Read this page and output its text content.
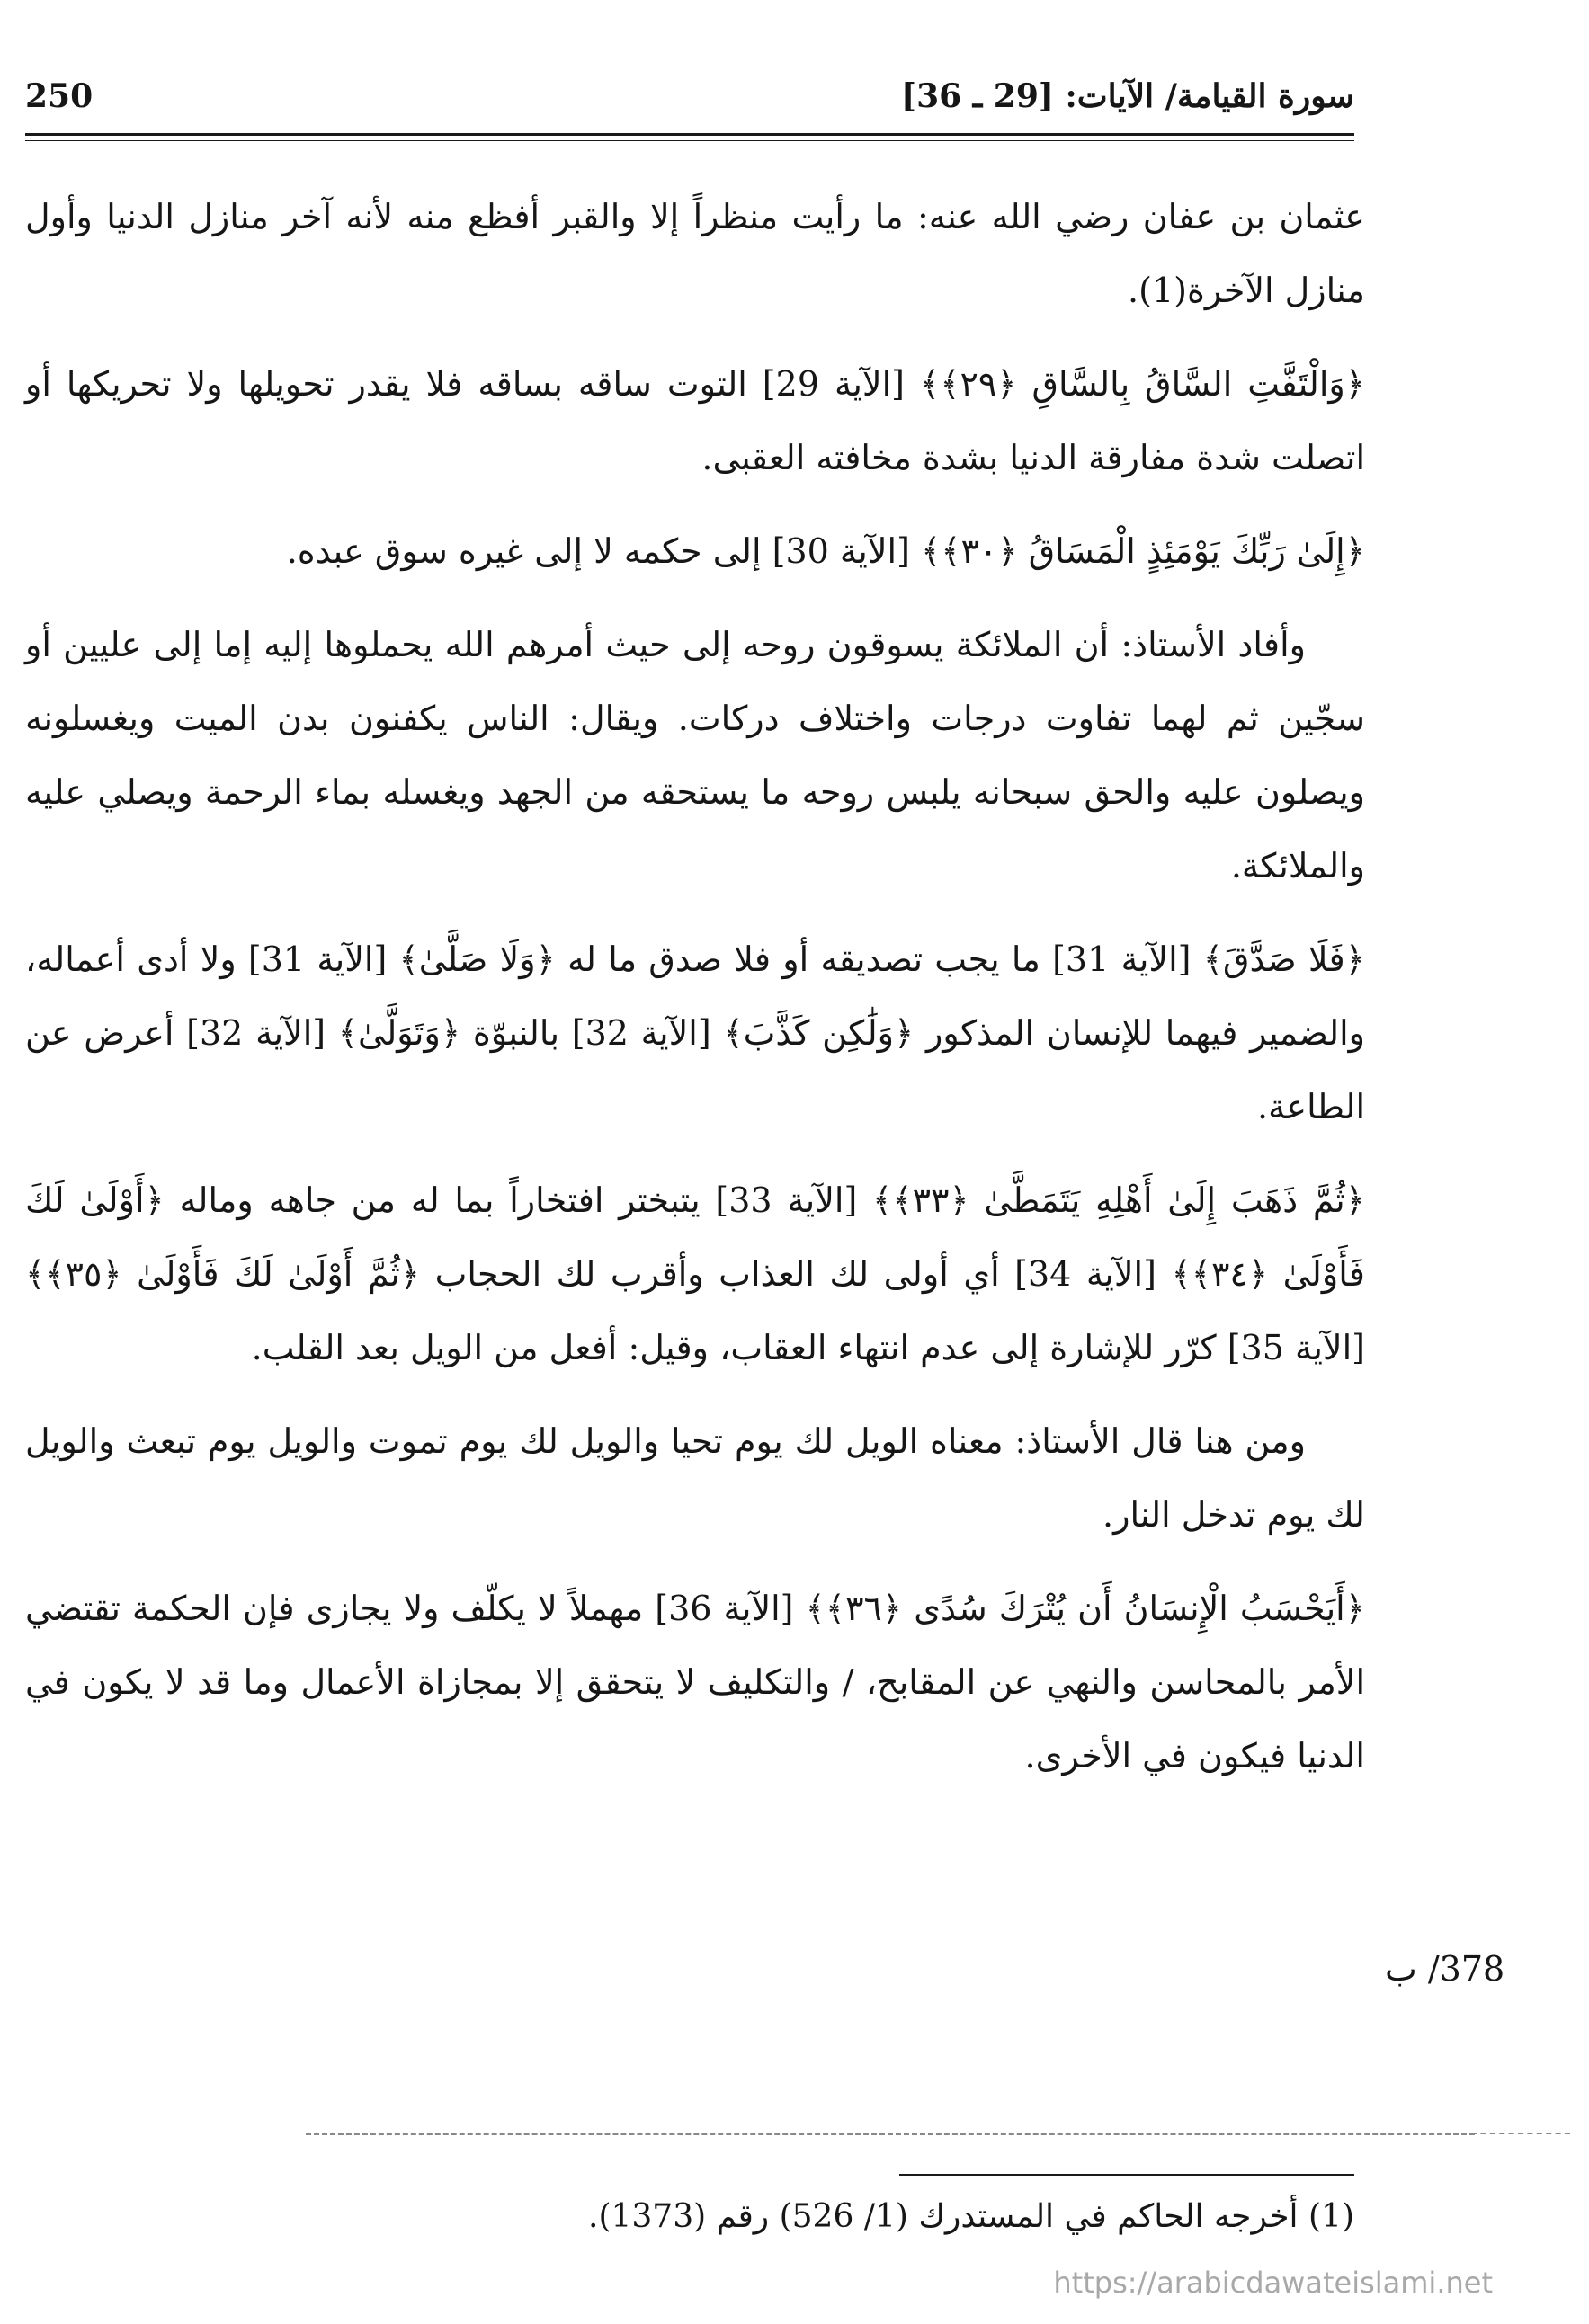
سورة القيامة/ الآيات: [29 ـ 36]
250

عثمان بن عفان رضي الله عنه: ما رأيت منظراً إلا والقبر أفظع منه لأنه آخر منازل الدنيا وأول منازل الآخرة(1).

﴿وَالْتَفَّتِ السَّاقُ بِالسَّاقِ ﴿٢٩﴾﴾ [الآية 29] التوت ساقه بساقه فلا يقدر تحويلها ولا تحريكها أو اتصلت شدة مفارقة الدنيا بشدة مخافته العقبى.

﴿إِلَىٰ رَبِّكَ يَوْمَئِذٍ الْمَسَاقُ ﴿٣٠﴾﴾ [الآية 30] إلى حكمه لا إلى غيره سوق عبده.

وأفاد الأستاذ: أن الملائكة يسوقون روحه إلى حيث أمرهم الله يحملوها إليه إما إلى عليين أو سجّين ثم لهما تفاوت درجات واختلاف دركات. ويقال: الناس يكفنون بدن الميت ويغسلونه ويصلون عليه والحق سبحانه يلبس روحه ما يستحقه من الجهد ويغسله بماء الرحمة ويصلي عليه والملائكة.

﴿فَلَا صَدَّقَ﴾ [الآية 31] ما يجب تصديقه أو فلا صدق ما له ﴿وَلَا صَلَّىٰ﴾ [الآية 31] ولا أدى أعماله، والضمير فيهما للإنسان المذكور ﴿وَلَٰكِن كَذَّبَ﴾ [الآية 32] بالنبوّة ﴿وَتَوَلَّىٰ﴾ [الآية 32] أعرض عن الطاعة.

﴿ثُمَّ ذَهَبَ إِلَىٰ أَهْلِهِ يَتَمَطَّىٰ ﴿٣٣﴾﴾ [الآية 33] يتبختر افتخاراً بما له من جاهه وماله ﴿أَوْلَىٰ لَكَ فَأَوْلَىٰ ﴿٣٤﴾﴾ [الآية 34] أي أولى لك العذاب وأقرب لك الحجاب ﴿ثُمَّ أَوْلَىٰ لَكَ فَأَوْلَىٰ ﴿٣٥﴾﴾ [الآية 35] كرّر للإشارة إلى عدم انتهاء العقاب، وقيل: أفعل من الويل بعد القلب.

ومن هنا قال الأستاذ: معناه الويل لك يوم تحيا والويل لك يوم تموت والويل يوم تبعث والويل لك يوم تدخل النار.

﴿أَيَحْسَبُ الْإِنسَانُ أَن يُتْرَكَ سُدًى ﴿٣٦﴾﴾ [الآية 36] مهملاً لا يكلّف ولا يجازى فإن الحكمة تقتضي الأمر بالمحاسن والنهي عن المقابح، / والتكليف لا يتحقق إلا بمجازاة الأعمال وما قد لا يكون في الدنيا فيكون في الأخرى.

378/ ب
(1) أخرجه الحاكم في المستدرك (1/ 526) رقم (1373).
https://arabicdawateislami.net
